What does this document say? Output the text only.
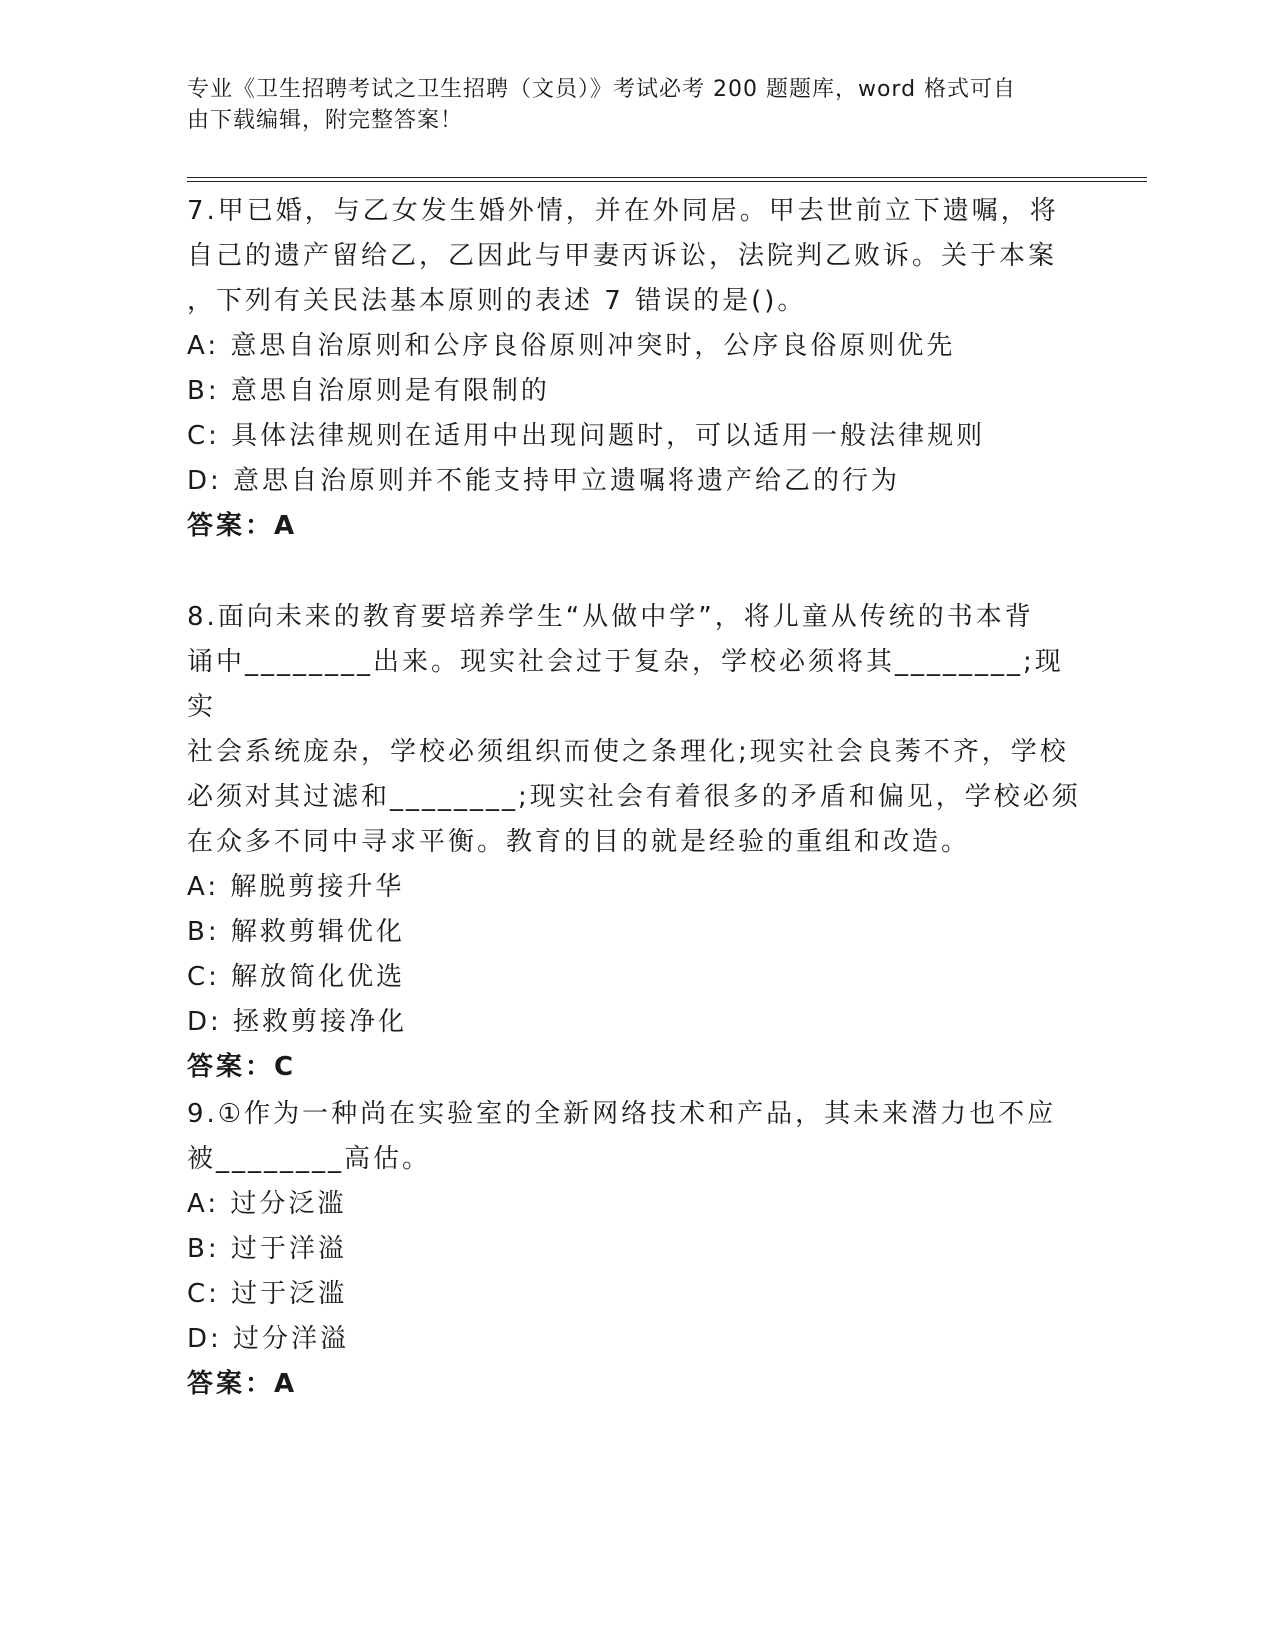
专业《卫生招聘考试之卫生招聘（文员）》考试必考 200 题题库，word 格式可自
由下载编辑，附完整答案！

7.甲已婚，与乙女发生婚外情，并在外同居。甲去世前立下遗嘱，将

自己的遗产留给乙，乙因此与甲妻丙诉讼，法院判乙败诉。关于本案

，下列有关民法基本原则的表述 7 错误的是()。

A: 意思自治原则和公序良俗原则冲突时，公序良俗原则优先

B: 意思自治原则是有限制的

C: 具体法律规则在适用中出现问题时，可以适用一般法律规则

D: 意思自治原则并不能支持甲立遗嘱将遗产给乙的行为

答案：A

8.面向未来的教育要培养学生“从做中学”，将儿童从传统的书本背

诵中________出来。现实社会过于复杂，学校必须将其________;现实

社会系统庞杂，学校必须组织而使之条理化;现实社会良莠不齐，学校

必须对其过滤和________;现实社会有着很多的矛盾和偏见，学校必须

在众多不同中寻求平衡。教育的目的就是经验的重组和改造。

A: 解脱剪接升华

B: 解救剪辑优化

C: 解放简化优选

D: 拯救剪接净化

答案：C

9.①作为一种尚在实验室的全新网络技术和产品，其未来潜力也不应

被________高估。

A: 过分泛滥

B: 过于洋溢

C: 过于泛滥

D: 过分洋溢

答案：A
